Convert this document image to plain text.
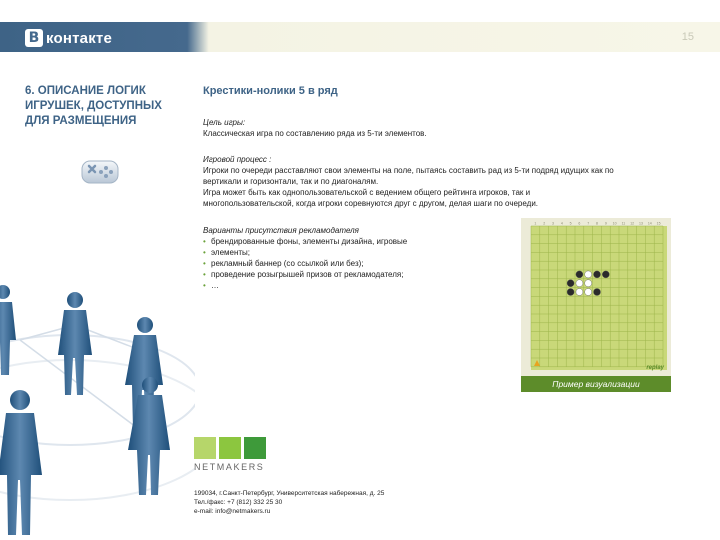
В контакте	15
6. ОПИСАНИЕ ЛОГИК
ИГРУШЕК, ДОСТУПНЫХ
ДЛЯ РАЗМЕЩЕНИЯ
Крестики-нолики 5 в ряд
Цель игры:
Классическая игра по составлению ряда из 5-ти элементов.
Игровой процесс :
Игроки по очереди расставляют свои элементы на поле, пытаясь составить рад из 5-ти подряд идущих как по
вертикали и горизонтали, так и по диагоналям.
Игра может быть как однопользовательской с ведением общего рейтинга игроков, так и
многопользовательской, когда игроки соревнуются друг с другом, делая шаги по очереди.
Варианты присутствия рекламодателя
• брендированные фоны, элементы дизайна, игровые
• элементы;
• рекламный баннер (со ссылкой или без);
• проведение розыгрышей призов от рекламодателя;
• …
1 2 3 4 5 6 7 8 9 10 11 12 13 14 15
replay
Пример визуализации
NETMAKERS
199034, г.Санкт-Петербург, Университетская набережная, д. 25
Тел./факс: +7 (812) 332 25 30
e-mail: info@netmakers.ru
